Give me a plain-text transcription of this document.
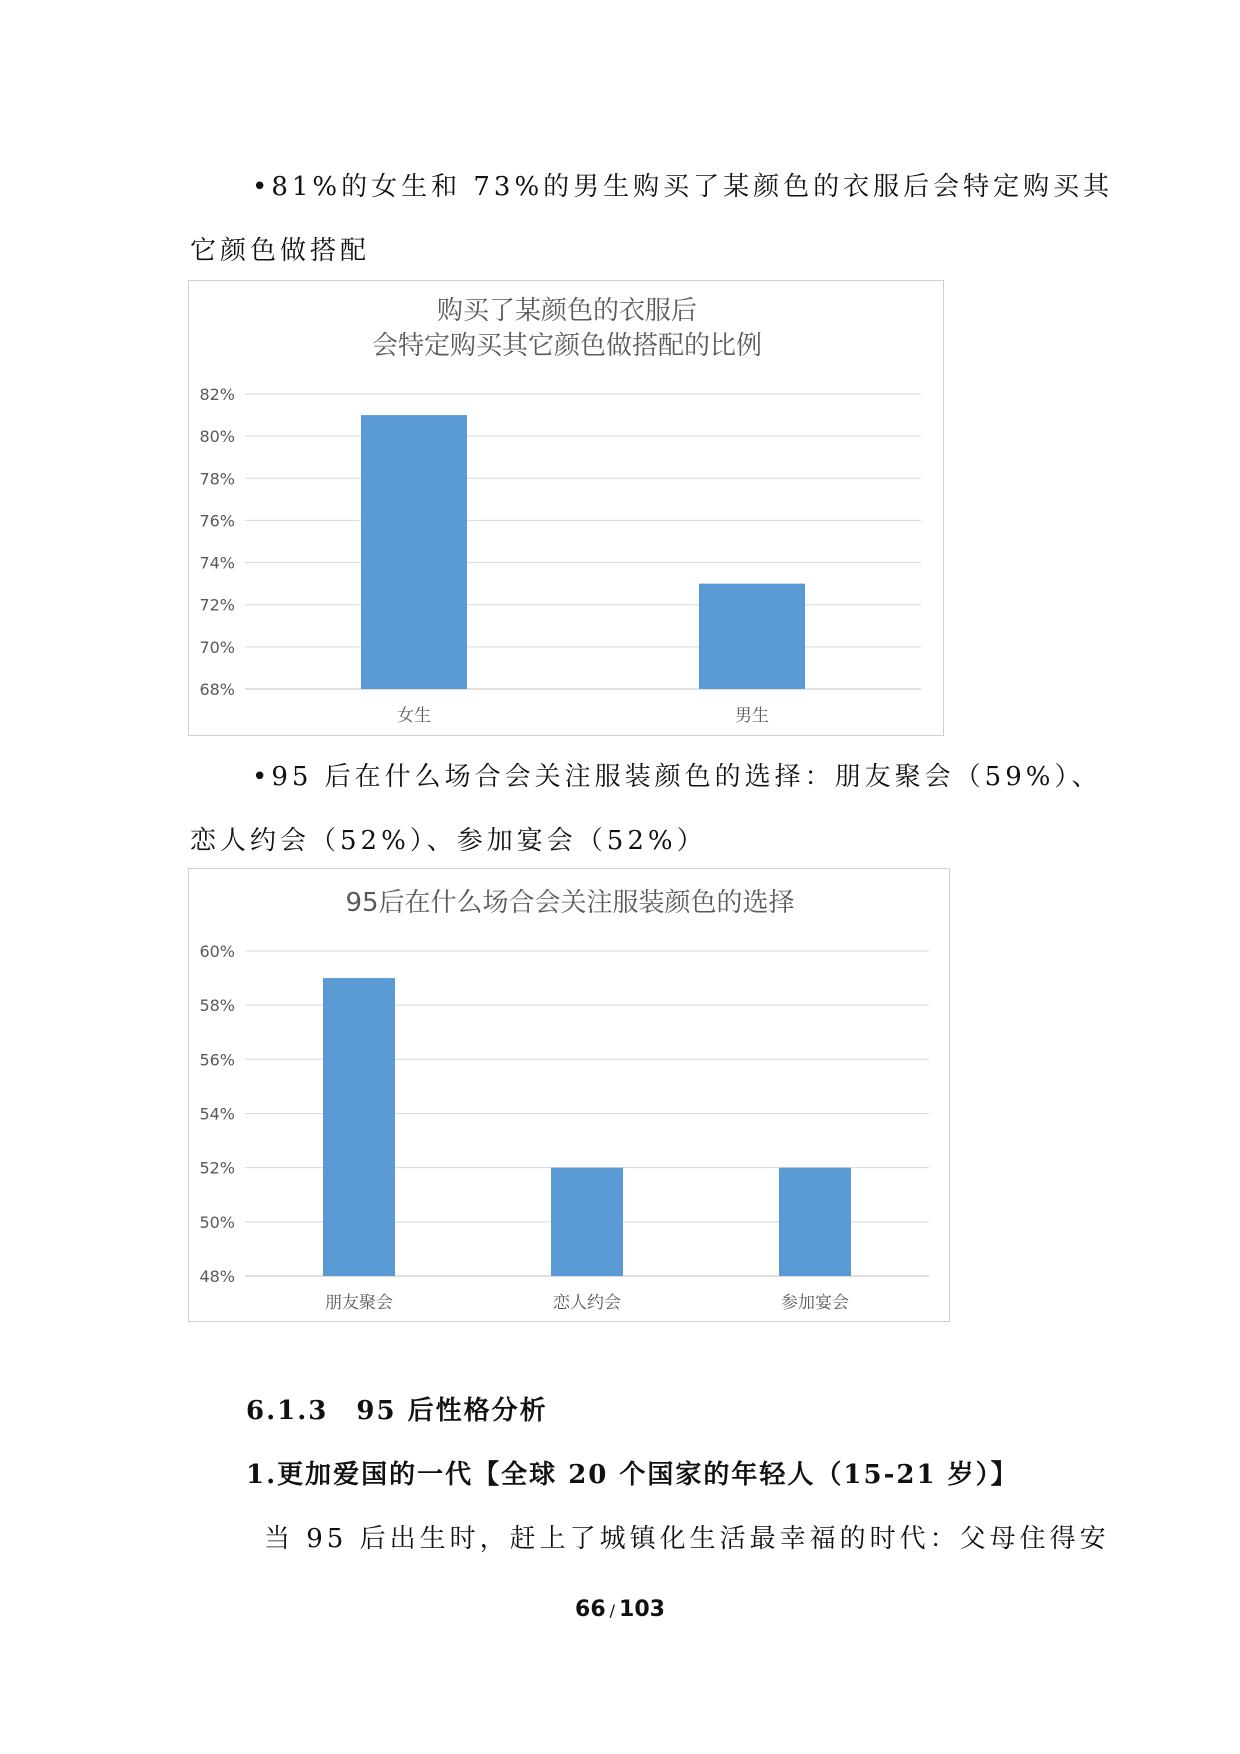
•81%的女生和 73%的男生购买了某颜色的衣服后会特定购买其
它颜色做搭配
购买了某颜色的衣服后
会特定购买其它颜色做搭配的比例
68%
70%
72%
74%
76%
78%
80%
82%
女生	男生
•95 后在什么场合会关注服装颜色的选择：朋友聚会（59%）、
恋人约会（52%）、参加宴会（52%）
95后在什么场合会关注服装颜色的选择
48%
50%
52%
54%
56%
58%
60%
朋友聚会	恋人约会	参加宴会
6.1.3　95 后性格分析
1.更加爱国的一代【全球 20 个国家的年轻人（15-21 岁）】
当 95 后出生时，赶上了城镇化生活最幸福的时代：父母住得安
66 / 103
